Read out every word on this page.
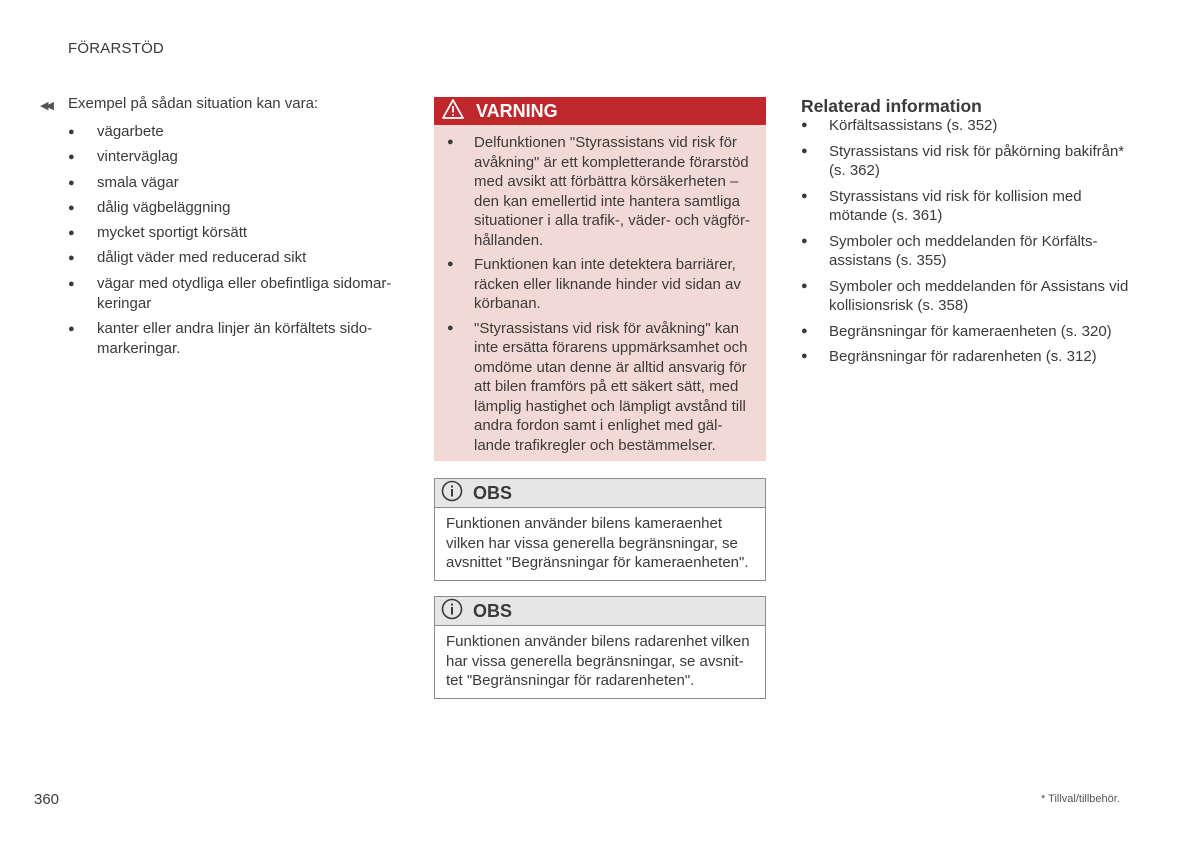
FÖRARSTÖD
◀◀	Exempel på sådan situation kan vara:
● vägarbete
● vinterväglag
● smala vägar
● dålig vägbeläggning
● mycket sportigt körsätt
● dåligt väder med reducerad sikt
● vägar med otydliga eller obefintliga sidomar-keringar
● kanter eller andra linjer än körfältets sido-markeringar.
VARNING
● Delfunktionen "Styrassistans vid risk för avåkning" är ett kompletterande förarstöd med avsikt att förbättra körsäkerheten – den kan emellertid inte hantera samtliga situationer i alla trafik-, väder- och vägför-hållanden.
● Funktionen kan inte detektera barriärer, räcken eller liknande hinder vid sidan av körbanan.
● "Styrassistans vid risk för avåkning" kan inte ersätta förarens uppmärksamhet och omdöme utan denne är alltid ansvarig för att bilen framförs på ett säkert sätt, med lämplig hastighet och lämpligt avstånd till andra fordon samt i enlighet med gäl-lande trafikregler och bestämmelser.
OBS
Funktionen använder bilens kameraenhet vilken har vissa generella begränsningar, se avsnittet "Begränsningar för kameraenheten".
OBS
Funktionen använder bilens radarenhet vilken har vissa generella begränsningar, se avsnit-tet "Begränsningar för radarenheten".
Relaterad information
● Körfältsassistans (s. 352)
● Styrassistans vid risk för påkörning bakifrån* (s. 362)
● Styrassistans vid risk för kollision med mötande (s. 361)
● Symboler och meddelanden för Körfälts-assistans (s. 355)
● Symboler och meddelanden för Assistans vid kollisionsrisk (s. 358)
● Begränsningar för kameraenheten (s. 320)
● Begränsningar för radarenheten (s. 312)
360	* Tillval/tillbehör.
